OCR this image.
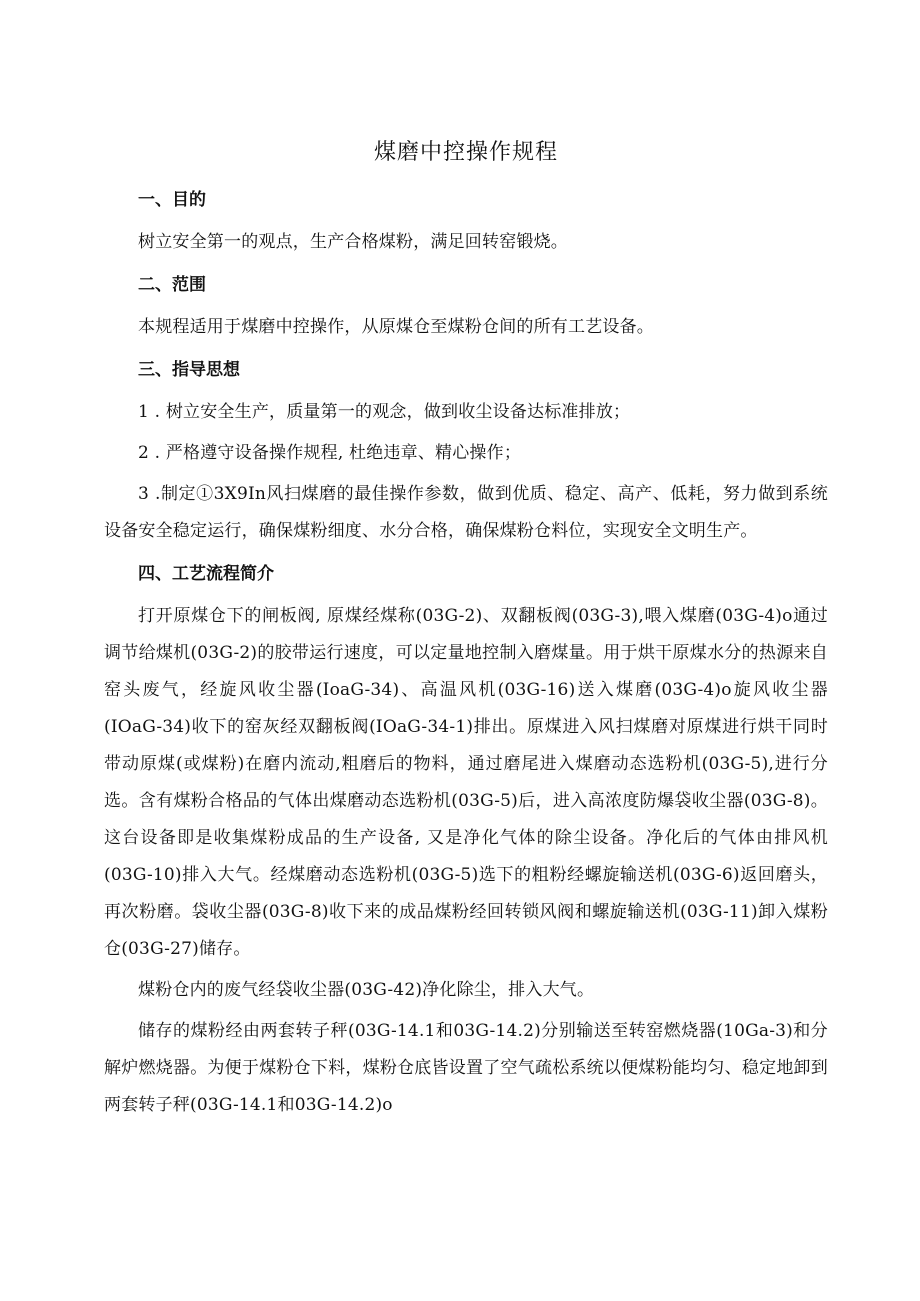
煤磨中控操作规程
一、目的

树立安全第一的观点，生产合格煤粉，满足回转窑锻烧。

二、范围

本规程适用于煤磨中控操作，从原煤仓至煤粉仓间的所有工艺设备。

三、指导思想

1 . 树立安全生产，质量第一的观念，做到收尘设备达标准排放；

2 . 严格遵守设备操作规程, 杜绝违章、精心操作；

3 .制定①3X9In风扫煤磨的最佳操作参数，做到优质、稳定、高产、低耗，努力做到系统设备安全稳定运行，确保煤粉细度、水分合格，确保煤粉仓料位，实现安全文明生产。

四、工艺流程简介

打开原煤仓下的闸板阀, 原煤经煤称(03G-2)、双翻板阀(03G-3),喂入煤磨(03G-4)o通过调节给煤机(03G-2)的胶带运行速度，可以定量地控制入磨煤量。用于烘干原煤水分的热源来自窑头废气，经旋风收尘器(IoaG-34)、高温风机(03G-16)送入煤磨(03G-4)o旋风收尘器(IOaG-34)收下的窑灰经双翻板阀(IOaG-34-1)排出。原煤进入风扫煤磨对原煤进行烘干同时带动原煤(或煤粉)在磨内流动,粗磨后的物料，通过磨尾进入煤磨动态选粉机(03G-5),进行分选。含有煤粉合格品的气体出煤磨动态选粉机(03G-5)后，进入高浓度防爆袋收尘器(03G-8)。这台设备即是收集煤粉成品的生产设备, 又是净化气体的除尘设备。净化后的气体由排风机(03G-10)排入大气。经煤磨动态选粉机(03G-5)选下的粗粉经螺旋输送机(03G-6)返回磨头，再次粉磨。袋收尘器(03G-8)收下来的成品煤粉经回转锁风阀和螺旋输送机(03G-11)卸入煤粉仓(03G-27)储存。

煤粉仓内的废气经袋收尘器(03G-42)净化除尘，排入大气。

储存的煤粉经由两套转子秤(03G-14.1和03G-14.2)分别输送至转窑燃烧器(10Ga-3)和分解炉燃烧器。为便于煤粉仓下料，煤粉仓底皆设置了空气疏松系统以便煤粉能均匀、稳定地卸到两套转子秤(03G-14.1和03G-14.2)o
